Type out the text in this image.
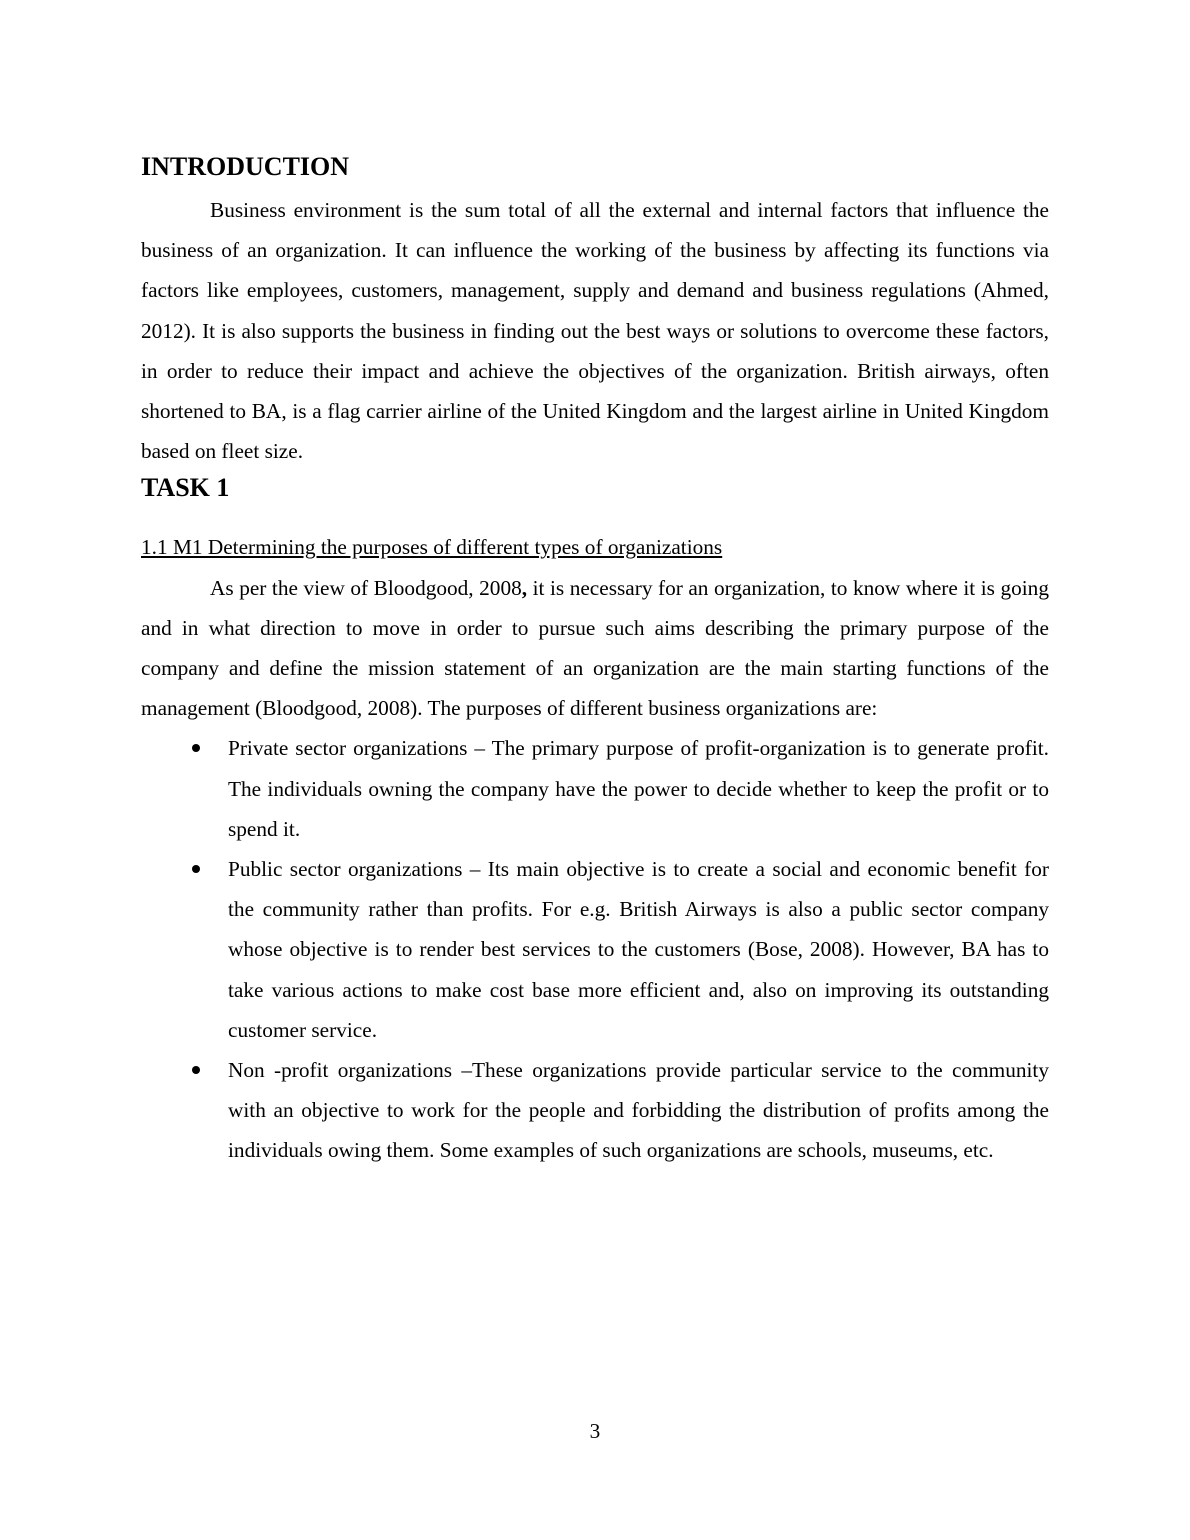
INTRODUCTION

Business environment is the sum total of all the external and internal factors that influence the business of an organization. It can influence the working of the business by affecting its functions via factors like employees, customers, management, supply and demand and business regulations (Ahmed, 2012). It is also supports the business in finding out the best ways or solutions to overcome these factors, in order to reduce their impact and achieve the objectives of the organization. British airways, often shortened to BA, is a flag carrier airline of the United Kingdom and the largest airline in United Kingdom based on fleet size.

TASK 1

1.1 M1 Determining the purposes of different types of organizations

As per the view of Bloodgood, 2008, it is necessary for an organization, to know where it is going and in what direction to move in order to pursue such aims describing the primary purpose of the company and define the mission statement of an organization are the main starting functions of the management (Bloodgood, 2008). The purposes of different business organizations are:

Private sector organizations – The primary purpose of profit-organization is to generate profit. The individuals owning the company have the power to decide whether to keep the profit or to spend it.
Public sector organizations – Its main objective is to create a social and economic benefit for the community rather than profits. For e.g. British Airways is also a public sector company whose objective is to render best services to the customers (Bose, 2008). However, BA has to take various actions to make cost base more efficient and, also on improving its outstanding customer service.
Non -profit organizations –These organizations provide particular service to the community with an objective to work for the people and forbidding the distribution of profits among the individuals owing them. Some examples of such organizations are schools, museums, etc.
3
